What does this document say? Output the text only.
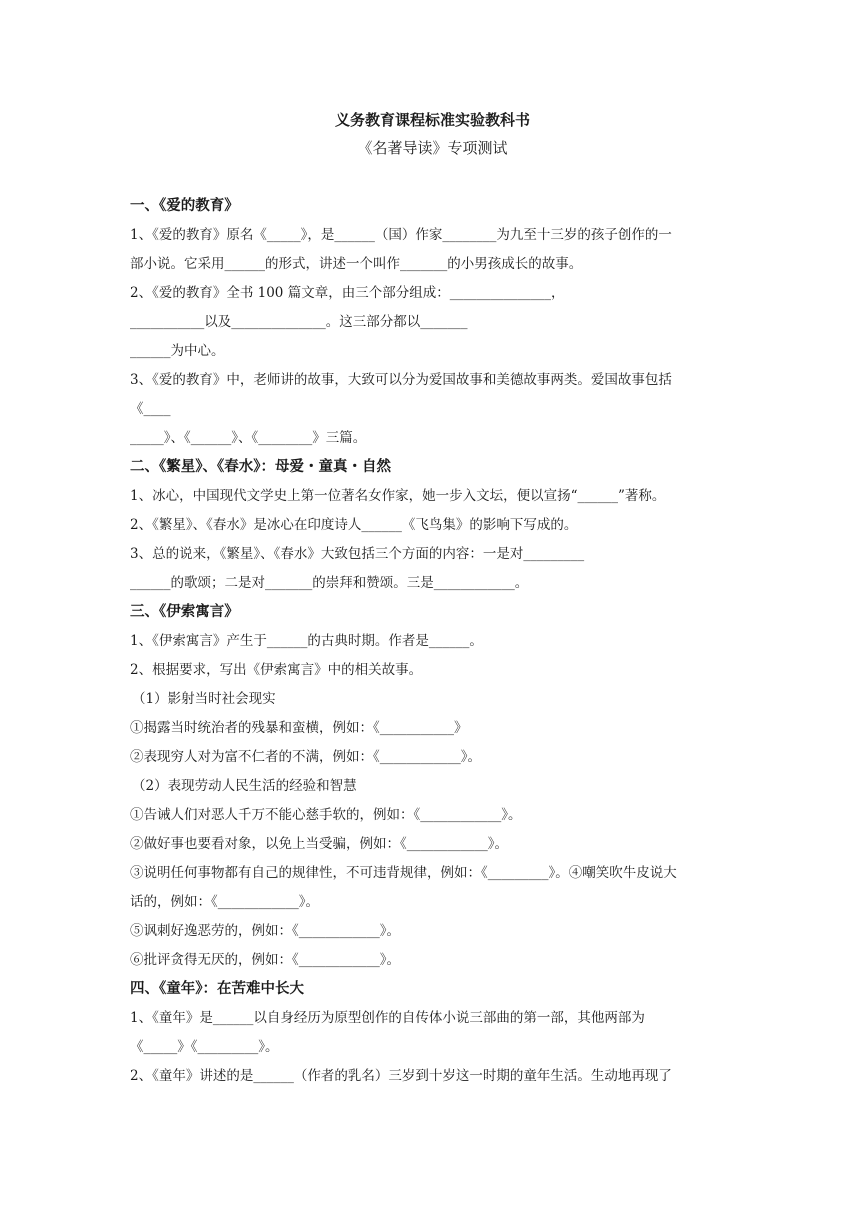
义务教育课程标准实验教科书
《名著导读》专项测试
一、《爱的教育》
1、《爱的教育》原名《_____》，是______（国）作家________为九至十三岁的孩子创作的一
部小说。它采用______的形式，讲述一个叫作_______的小男孩成长的故事。
2、《爱的教育》全书 100 篇文章，由三个部分组成：_______________，
___________以及______________。这三部分都以_______
______为中心。
3、《爱的教育》中，老师讲的故事，大致可以分为爱国故事和美德故事两类。爱国故事包括
《____
_____》、《______》、《________》三篇。
二、《繁星》、《春水》：母爱・童真・自然
1、冰心，中国现代文学史上第一位著名女作家，她一步入文坛，便以宣扬“______”著称。
2、《繁星》、《春水》是冰心在印度诗人______《飞鸟集》的影响下写成的。
3、总的说来，《繁星》、《春水》大致包括三个方面的内容：一是对_________
______的歌颂；二是对_______的崇拜和赞颂。三是____________。
三、《伊索寓言》
1、《伊索寓言》产生于______的古典时期。作者是______。
2、根据要求，写出《伊索寓言》中的相关故事。
（1）影射当时社会现实
①揭露当时统治者的残暴和蛮横，例如：《___________》
②表现穷人对为富不仁者的不满，例如：《____________》。
（2）表现劳动人民生活的经验和智慧
①告诫人们对恶人千万不能心慈手软的，例如：《____________》。
②做好事也要看对象，以免上当受骗，例如：《____________》。
③说明任何事物都有自己的规律性，不可违背规律，例如：《_________》。④嘲笑吹牛皮说大
话的，例如：《____________》。
⑤讽刺好逸恶劳的，例如：《____________》。
⑥批评贪得无厌的，例如：《____________》。
四、《童年》：在苦难中长大
1、《童年》是______以自身经历为原型创作的自传体小说三部曲的第一部，其他两部为
《_____》《_________》。
2、《童年》讲述的是______（作者的乳名）三岁到十岁这一时期的童年生活。生动地再现了
